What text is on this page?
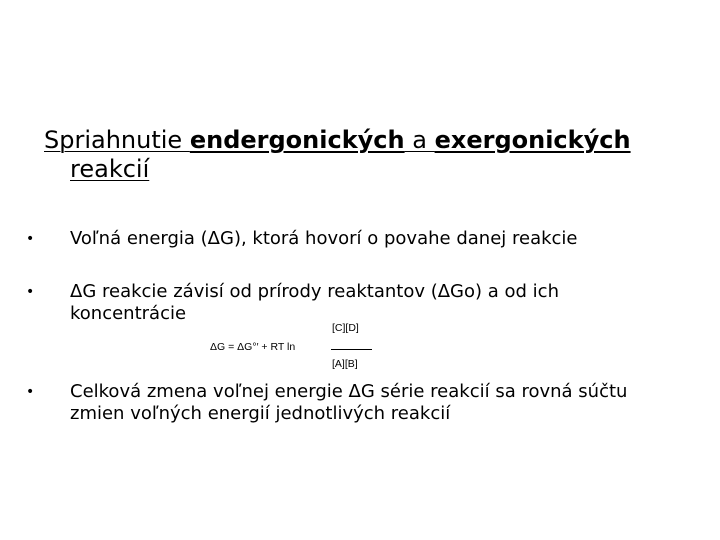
Spriahnutie endergonických a exergonických
reakcií
•	Voľná energia (ΔG), ktorá hovorí o povahe danej reakcie
•	ΔG reakcie závisí od prírody reaktantov (ΔGo) a od ich koncentrácie
[C][D]
ΔG = ΔG°′ + RT ln
[A][B]
•	Celková zmena voľnej energie ΔG série reakcií sa rovná súčtu zmien voľných energií jednotlivých reakcií
